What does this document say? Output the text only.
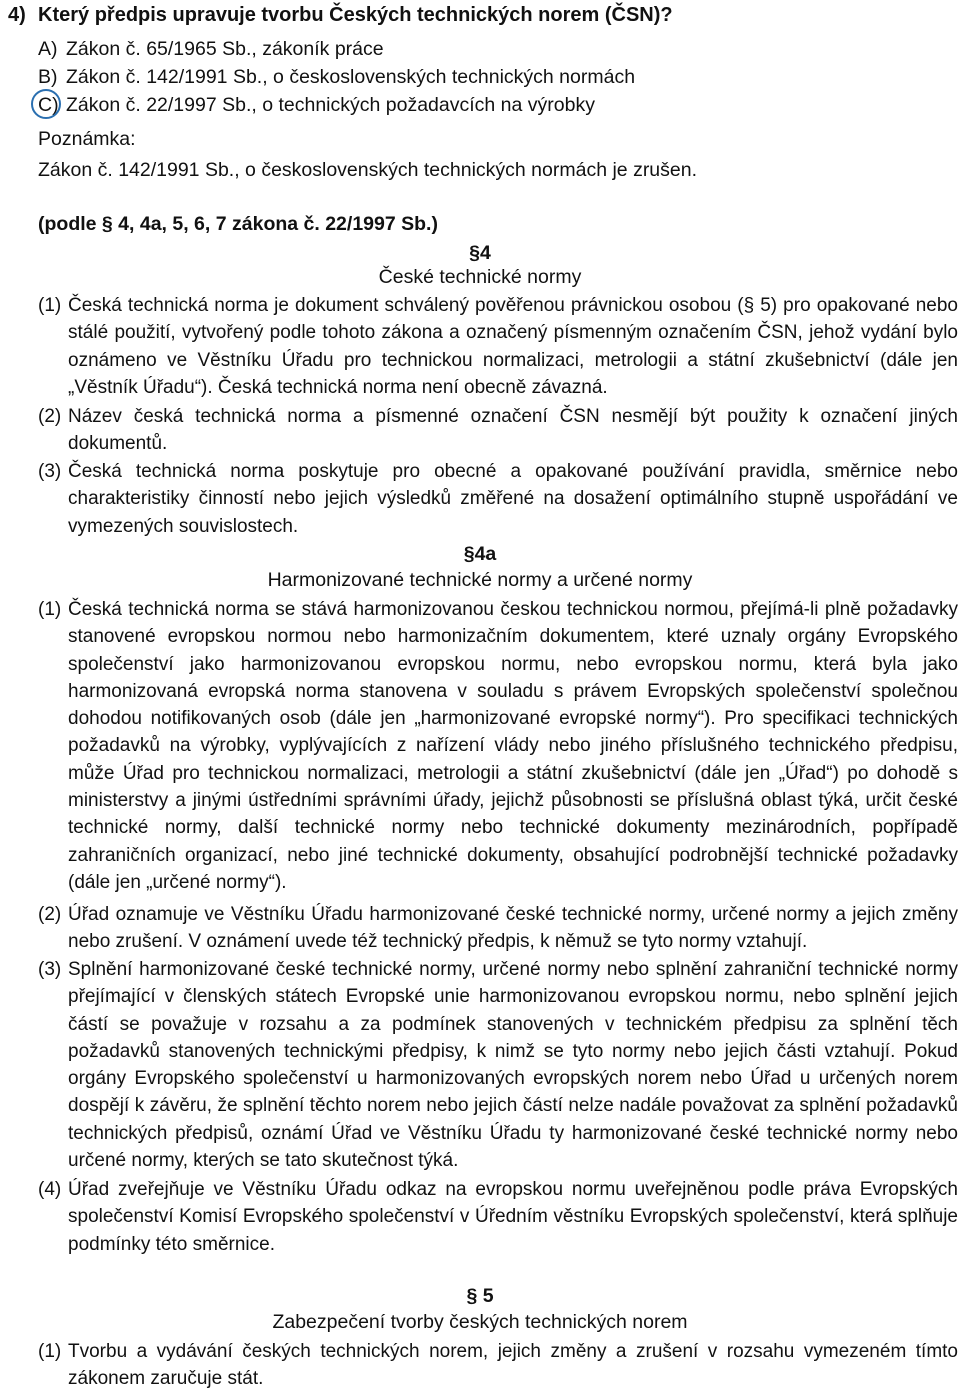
4) Který předpis upravuje tvorbu Českých technických norem (ČSN)?
A) Zákon č. 65/1965 Sb., zákoník práce
B) Zákon č. 142/1991 Sb., o československých technických normách
C) Zákon č. 22/1997 Sb., o technických požadavcích na výrobky
Poznámka:
Zákon č. 142/1991 Sb., o československých technických normách je zrušen.
(podle § 4, 4a, 5, 6, 7 zákona č. 22/1997 Sb.)
§4
České technické normy
(1) Česká technická norma je dokument schválený pověřenou právnickou osobou (§ 5) pro opakované nebo stálé použití, vytvořený podle tohoto zákona a označený písmenným označením ČSN, jehož vydání bylo oznámeno ve Věstníku Úřadu pro technickou normalizaci, metrologii a státní zkušebnictví (dále jen „Věstník Úřadu“). Česká technická norma není obecně závazná.
(2) Název česká technická norma a písmenné označení ČSN nesmějí být použity k označení jiných dokumentů.
(3) Česká technická norma poskytuje pro obecné a opakované používání pravidla, směrnice nebo charakteristiky činností nebo jejich výsledků změřené na dosažení optimálního stupně uspořádání ve vymezených souvislostech.
§4a
Harmonizované technické normy a určené normy
(1) Česká technická norma se stává harmonizovanou českou technickou normou, přejímá-li plně požadavky stanovené evropskou normou nebo harmonizačním dokumentem, které uznaly orgány Evropského společenství jako harmonizovanou evropskou normu, nebo evropskou normu, která byla jako harmonizovaná evropská norma stanovena v souladu s právem Evropských společenství společnou dohodou notifikovaných osob (dále jen „harmonizované evropské normy“). Pro specifikaci technických požadavků na výrobky, vyplývajících z nařízení vlády nebo jiného příslušného technického předpisu, může Úřad pro technickou normalizaci, metrologii a státní zkušebnictví (dále jen „Úřad“) po dohodě s ministerstvy a jinými ústředními správními úřady, jejichž působnosti se příslušná oblast týká, určit české technické normy, další technické normy nebo technické dokumenty mezinárodních, popřípadě zahraničních organizací, nebo jiné technické dokumenty, obsahující podrobnější technické požadavky (dále jen „určené normy“).
(2) Úřad oznamuje ve Věstníku Úřadu harmonizované české technické normy, určené normy a jejich změny nebo zrušení. V oznámení uvede též technický předpis, k němuž se tyto normy vztahují.
(3) Splnění harmonizované české technické normy, určené normy nebo splnění zahraniční technické normy přejímající v členských státech Evropské unie harmonizovanou evropskou normu, nebo splnění jejich částí se považuje v rozsahu a za podmínek stanovených v technickém předpisu za splnění těch požadavků stanovených technickými předpisy, k nimž se tyto normy nebo jejich části vztahují. Pokud orgány Evropského společenství u harmonizovaných evropských norem nebo Úřad u určených norem dospějí k závěru, že splnění těchto norem nebo jejich částí nelze nadále považovat za splnění požadavků technických předpisů, oznámí Úřad ve Věstníku Úřadu ty harmonizované české technické normy nebo určené normy, kterých se tato skutečnost týká.
(4) Úřad zveřejňuje ve Věstníku Úřadu odkaz na evropskou normu uveřejněnou podle práva Evropských společenství Komisí Evropského společenství v Úředním věstníku Evropských společenství, která splňuje podmínky této směrnice.
§ 5
Zabezpečení tvorby českých technických norem
(1) Tvorbu a vydávání českých technických norem, jejich změny a zrušení v rozsahu vymezeném tímto zákonem zaručuje stát.
